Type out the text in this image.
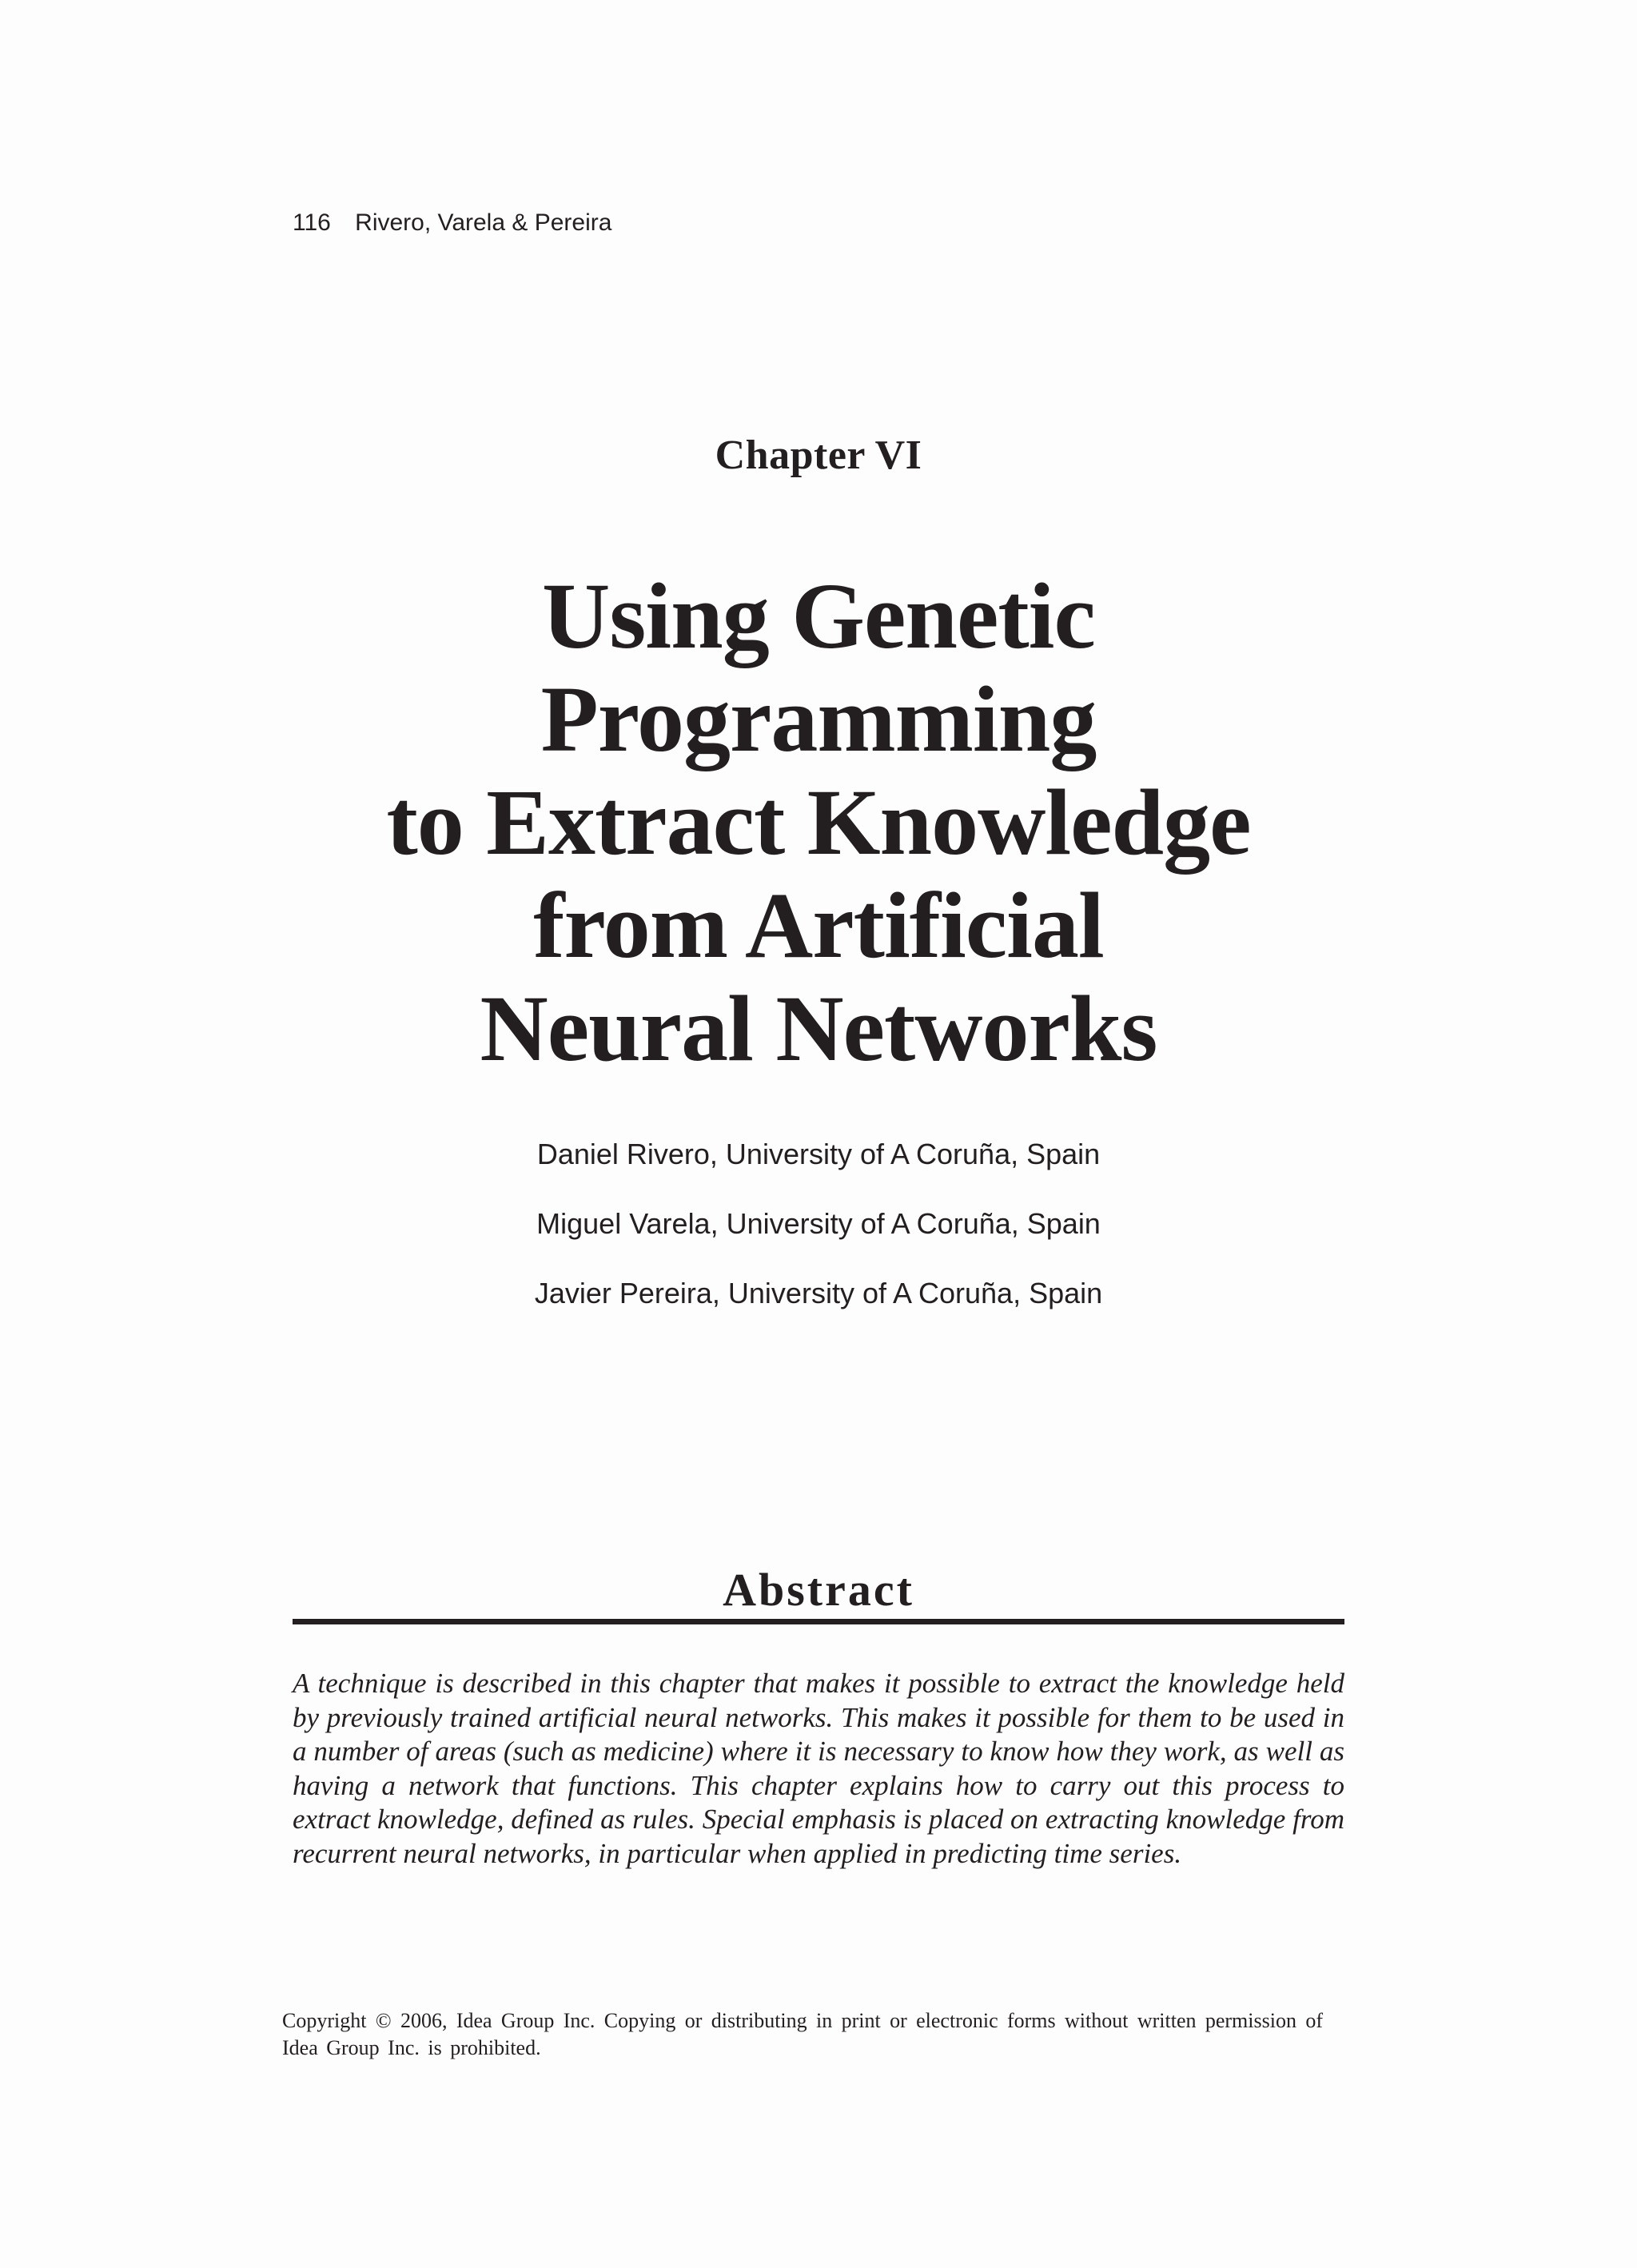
116 Rivero, Varela & Pereira
Chapter VI
Using Genetic
Programming
to Extract Knowledge
from Artificial
Neural Networks
Daniel Rivero, University of A Coruña, Spain
Miguel Varela, University of A Coruña, Spain
Javier Pereira, University of A Coruña, Spain
Abstract

A technique is described in this chapter that makes it possible to extract the knowledge held by previously trained artificial neural networks. This makes it possible for them to be used in a number of areas (such as medicine) where it is necessary to know how they work, as well as having a network that functions. This chapter explains how to carry out this process to extract knowledge, defined as rules. Special emphasis is placed on extracting knowledge from recurrent neural networks, in particular when applied in predicting time series.

Copyright © 2006, Idea Group Inc. Copying or distributing in print or electronic forms without written permission of Idea Group Inc. is prohibited.
